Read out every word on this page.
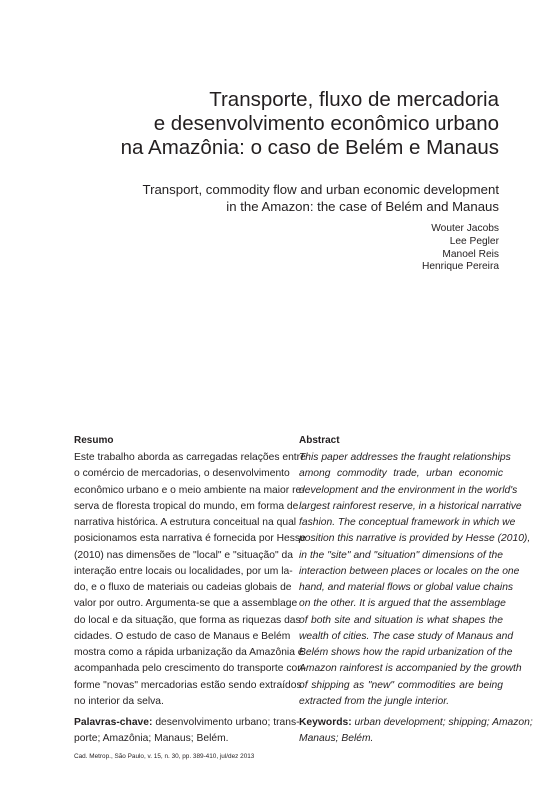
Transporte, fluxo de mercadoria
e desenvolvimento econômico urbano
na Amazônia: o caso de Belém e Manaus
Transport, commodity flow and urban economic development
in the Amazon: the case of Belém and Manaus
Wouter Jacobs
Lee Pegler
Manoel Reis
Henrique Pereira
Resumo
Este trabalho aborda as carregadas relações entre
o comércio de mercadorias, o desenvolvimento
econômico urbano e o meio ambiente na maior re-
serva de floresta tropical do mundo, em forma de
narrativa histórica. A estrutura conceitual na qual
posicionamos esta narrativa é fornecida por Hesse
(2010) nas dimensões de "local" e "situação" da
interação entre locais ou localidades, por um la-
do, e o fluxo de materiais ou cadeias globais de
valor por outro. Argumenta-se que a assemblage
do local e da situação, que forma as riquezas das
cidades. O estudo de caso de Manaus e Belém
mostra como a rápida urbanização da Amazônia é
acompanhada pelo crescimento do transporte con-
forme "novas" mercadorias estão sendo extraídos
no interior da selva.
Palavras-chave: desenvolvimento urbano; trans-
porte; Amazônia; Manaus; Belém.
Abstract
This paper addresses the fraught relationships
among commodity trade, urban economic
development and the environment in the world's
largest rainforest reserve, in a historical narrative
fashion. The conceptual framework in which we
position this narrative is provided by Hesse (2010),
in the "site" and "situation" dimensions of the
interaction between places or locales on the one
hand, and material flows or global value chains
on the other. It is argued that the assemblage
of both site and situation is what shapes the
wealth of cities. The case study of Manaus and
Belém shows how the rapid urbanization of the
Amazon rainforest is accompanied by the growth
of shipping as "new" commodities are being
extracted from the jungle interior.
Keywords: urban development; shipping; Amazon;
Manaus; Belém.
Cad. Metrop., São Paulo, v. 15, n. 30, pp. 389-410, jul/dez 2013
